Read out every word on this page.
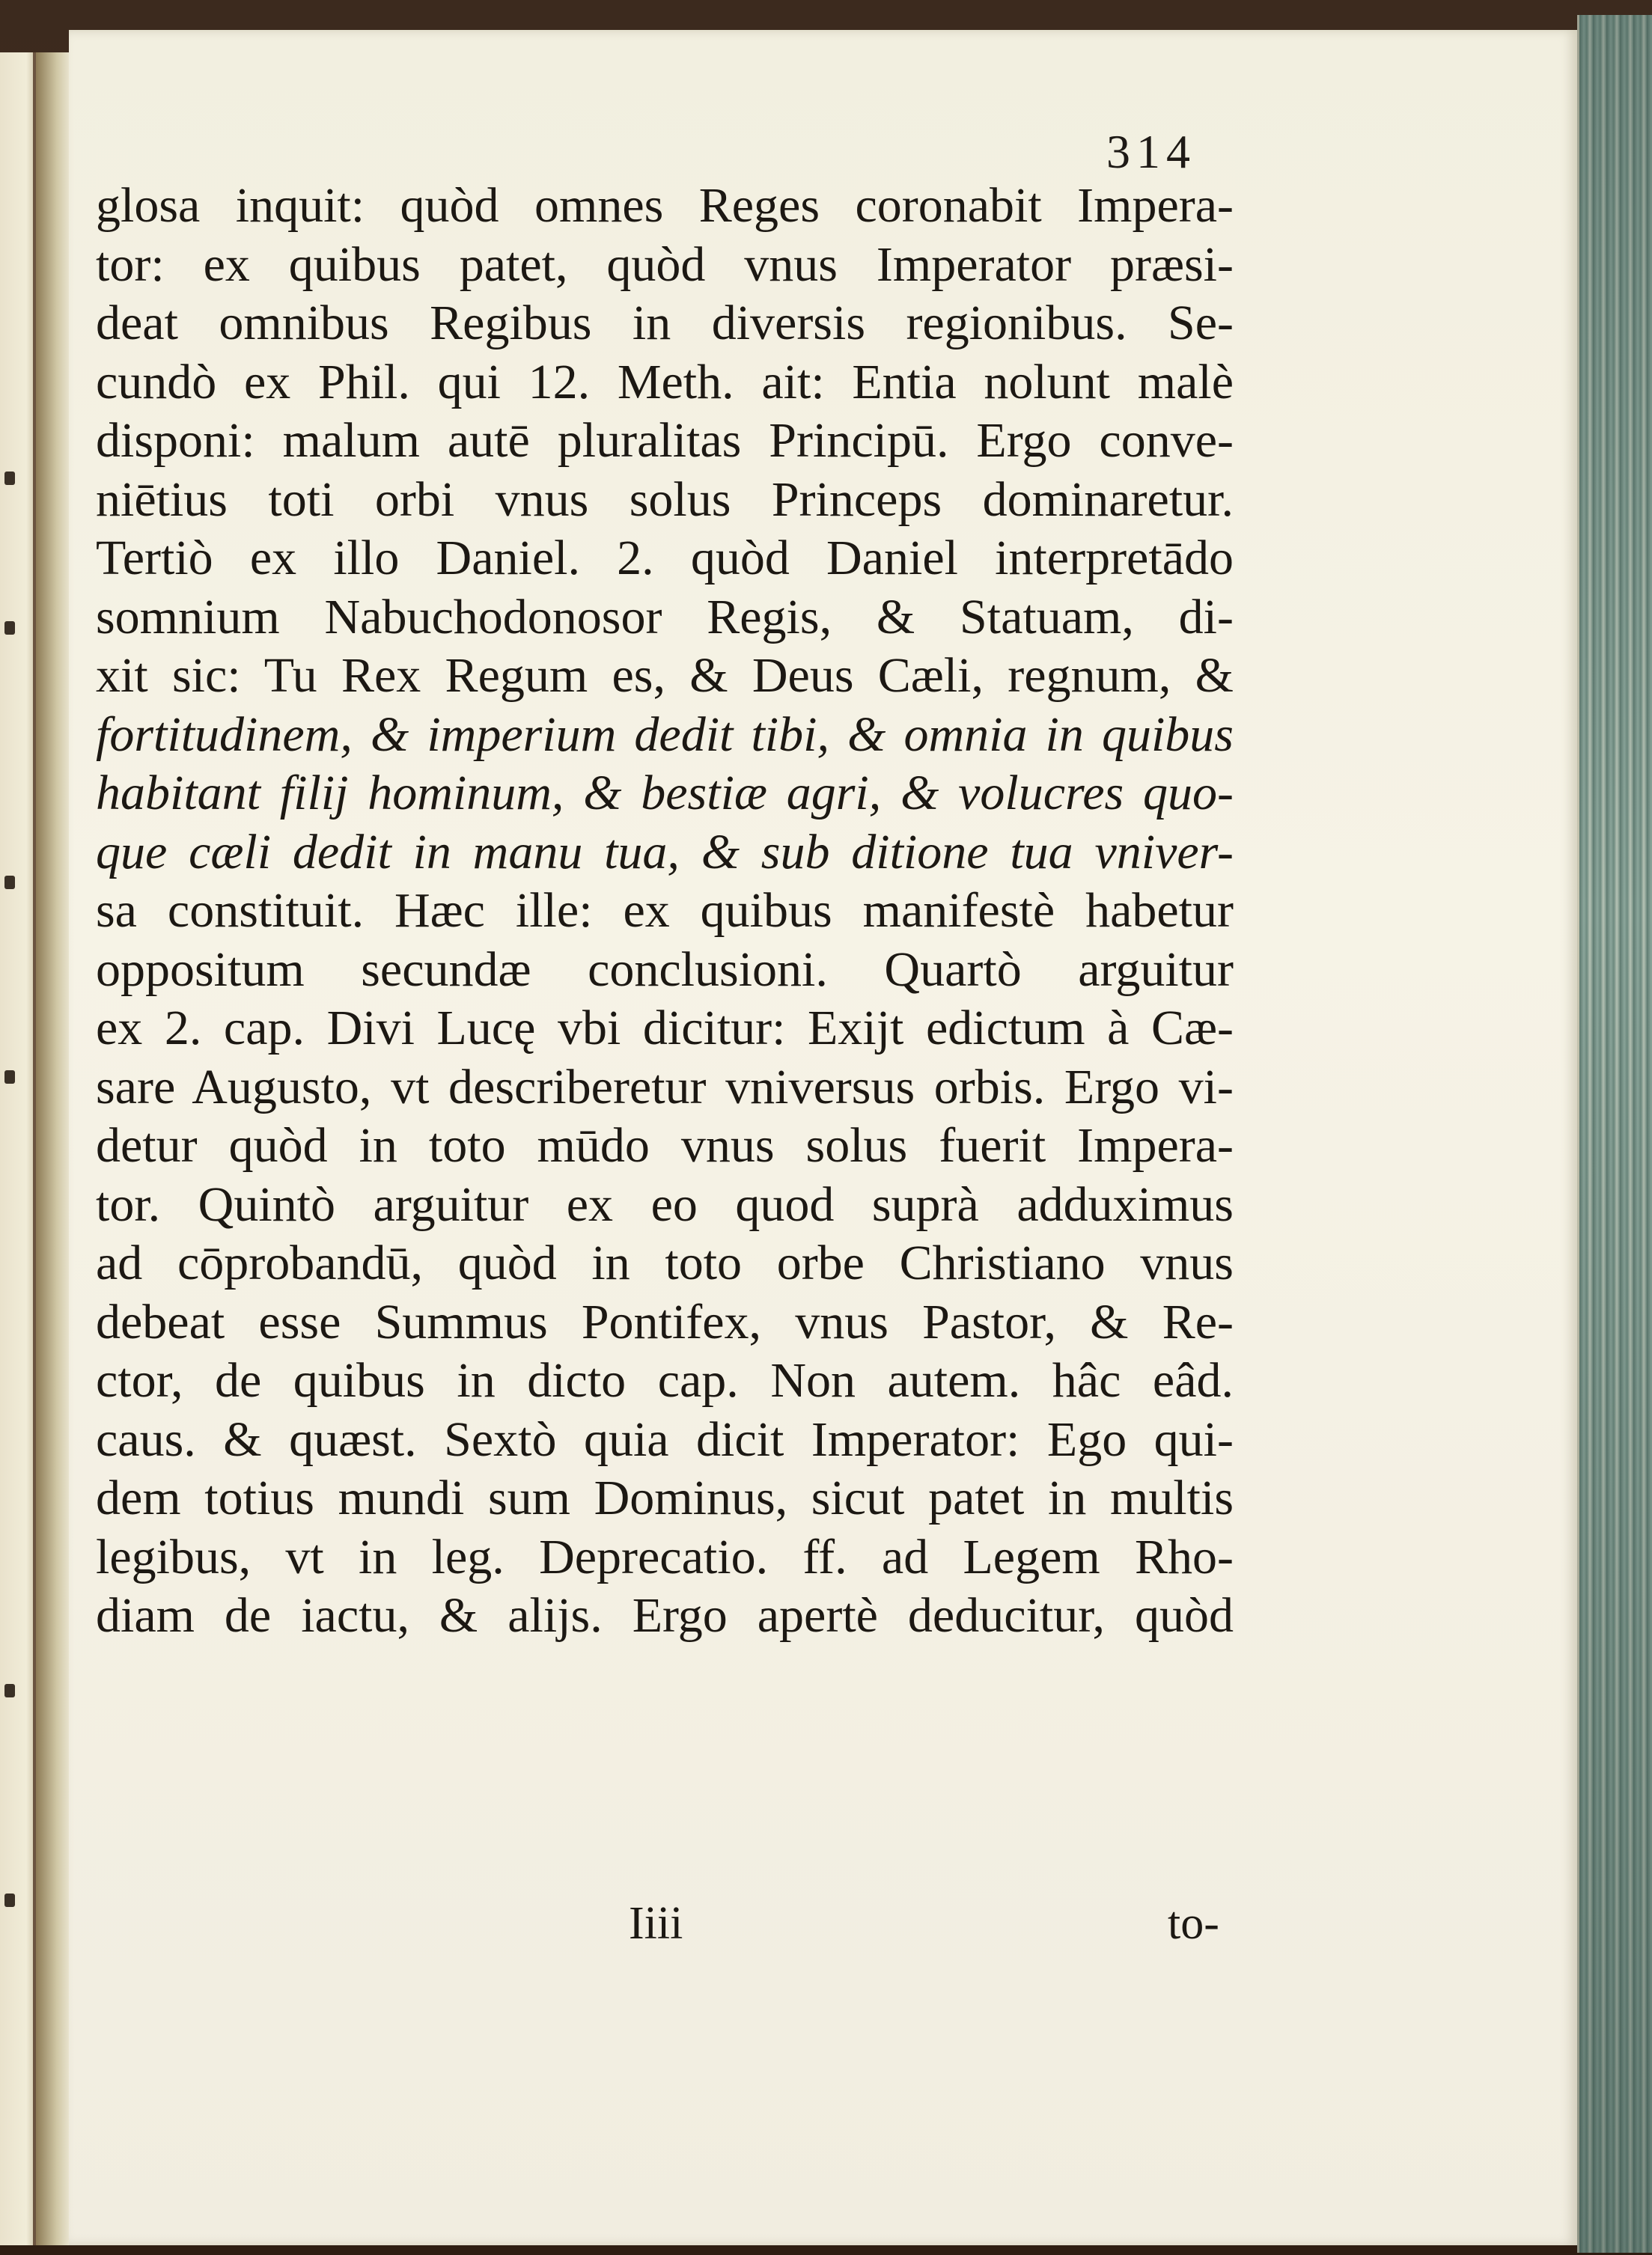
314
glosa inquit: quòd omnes Reges coronabit Impera-
tor: ex quibus patet, quòd vnus Imperator præsi-
deat omnibus Regibus in diversis regionibus. Se-
cundò ex Phil. qui 12. Meth. ait: Entia nolunt malè
disponi: malum autē pluralitas Principū. Ergo conve-
niētius toti orbi vnus solus Princeps dominaretur.
Tertiò ex illo Daniel. 2. quòd Daniel interpretādo
somnium Nabuchodonosor Regis, & Statuam, di-
xit sic: Tu Rex Regum es, & Deus Cæli, regnum, &
fortitudinem, & imperium dedit tibi, & omnia in quibus
habitant filij hominum, & bestiæ agri, & volucres quo-
que cæli dedit in manu tua, & sub ditione tua vniver-
sa constituit. Hæc ille: ex quibus manifestè habetur
oppositum secundæ conclusioni. Quartò arguitur
ex 2. cap. Divi Lucę vbi dicitur: Exijt edictum à Cæ-
sare Augusto, vt describeretur vniversus orbis. Ergo vi-
detur quòd in toto mūdo vnus solus fuerit Impera-
tor. Quintò arguitur ex eo quod suprà adduximus
ad cōprobandū, quòd in toto orbe Christiano vnus
debeat esse Summus Pontifex, vnus Pastor, & Re-
ctor, de quibus in dicto cap. Non autem. hâc eâd.
caus. & quæst. Sextò quia dicit Imperator: Ego qui-
dem totius mundi sum Dominus, sicut patet in multis
legibus, vt in leg. Deprecatio. ff. ad Legem Rho-
diam de iactu, & alijs. Ergo apertè deducitur, quòd
Iiii	to-
